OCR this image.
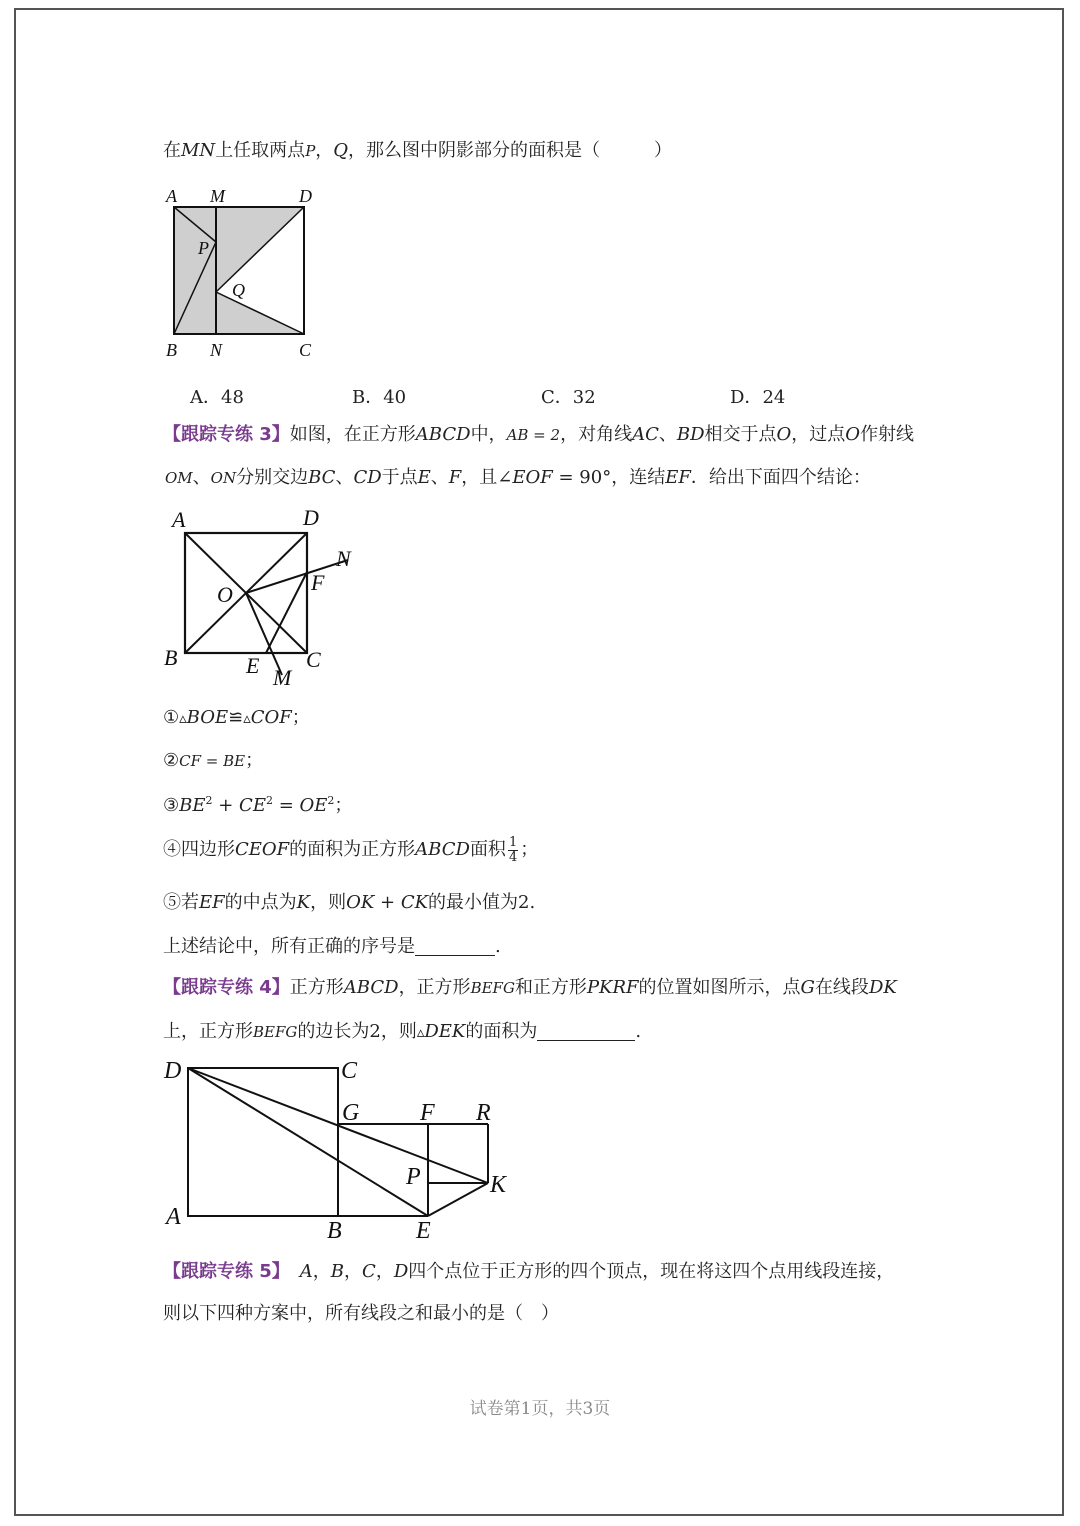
在MN上任取两点P，Q，那么图中阴影部分的面积是（　　　）
A M	D
P
Q
B N	C
A．48	B．40	C．32	D．24
【跟踪专练 3】如图，在正方形ABCD中，AB = 2，对角线AC、BD相交于点O，过点O作射线
OM、ON分别交边BC、CD于点E、F，且∠EOF = 90°，连结EF．给出下面四个结论：
A	D
N
O	F
B	E M
C
①▵BOE≌▵COF；
②CF = BE；
$③BE^2 + CE^2 = OE^2$；
④四边形CEOF的面积为正方形ABCD面积 $\frac{1}{4}$ ；
⑤若EF的中点为K，则OK + CK的最小值为2.
上述结论中，所有正确的序号是	.
【跟踪专练 4】正方形ABCD，正方形BEFG和正方形PKRF的位置如图所示，点G在线段DK
上，正方形BEFG的边长为2，则▵DEK的面积为	.
D	C
G	F R
P	K
A
B	E
【跟踪专练 5】 A，B，C，D四个点位于正方形的四个顶点，现在将这四个点用线段连接，
则以下四种方案中，所有线段之和最小的是（　）
试卷第1页，共3页
